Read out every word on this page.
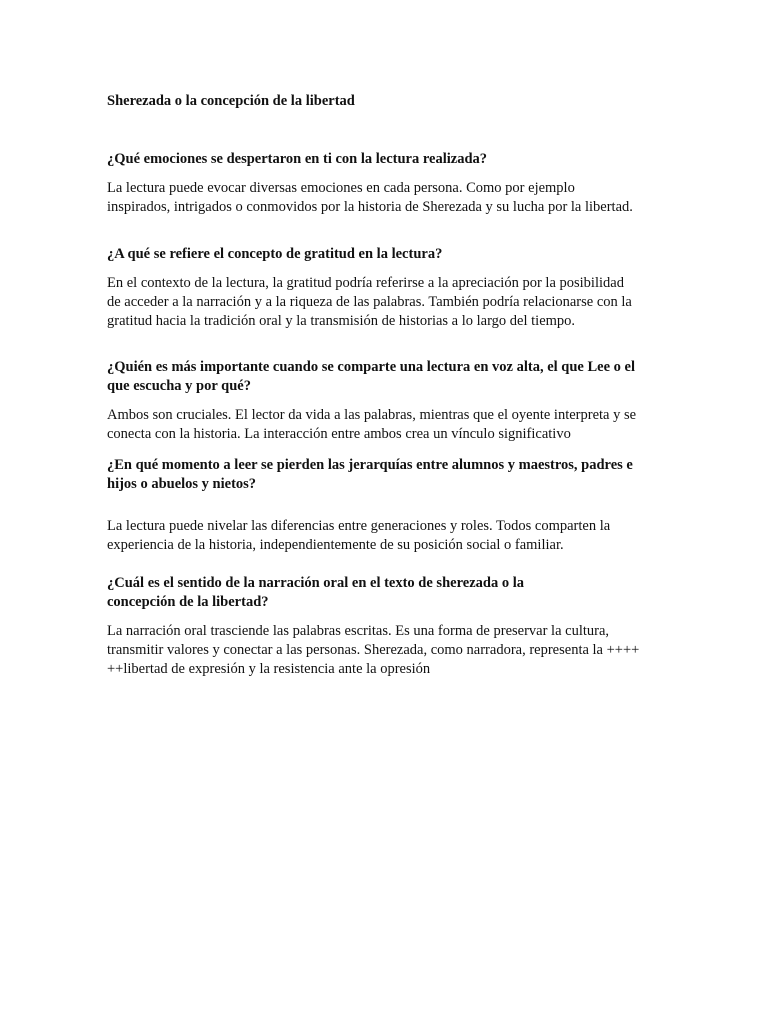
Sherezada o la concepción de la libertad

¿Qué emociones se despertaron en ti con la lectura realizada?

La lectura puede evocar diversas emociones en cada persona. Como por ejemplo
inspirados, intrigados o conmovidos por la historia de Sherezada y su lucha por la libertad.

¿A qué se refiere el concepto de gratitud en la lectura?

En el contexto de la lectura, la gratitud podría referirse a la apreciación por la posibilidad
de acceder a la narración y a la riqueza de las palabras. También podría relacionarse con la
gratitud hacia la tradición oral y la transmisión de historias a lo largo del tiempo.

¿Quién es más importante cuando se comparte una lectura en voz alta, el que Lee o el
que escucha y por qué?

Ambos son cruciales. El lector da vida a las palabras, mientras que el oyente interpreta y se
conecta con la historia. La interacción entre ambos crea un vínculo significativo

¿En qué momento a leer se pierden las jerarquías entre alumnos y maestros, padres e
hijos o abuelos y nietos?

La lectura puede nivelar las diferencias entre generaciones y roles. Todos comparten la
experiencia de la historia, independientemente de su posición social o familiar.

¿Cuál es el sentido de la narración oral en el texto de sherezada o la
concepción de la libertad?

La narración oral trasciende las palabras escritas. Es una forma de preservar la cultura,
transmitir valores y conectar a las personas. Sherezada, como narradora, representa la ++++
++libertad de expresión y la resistencia ante la opresión
